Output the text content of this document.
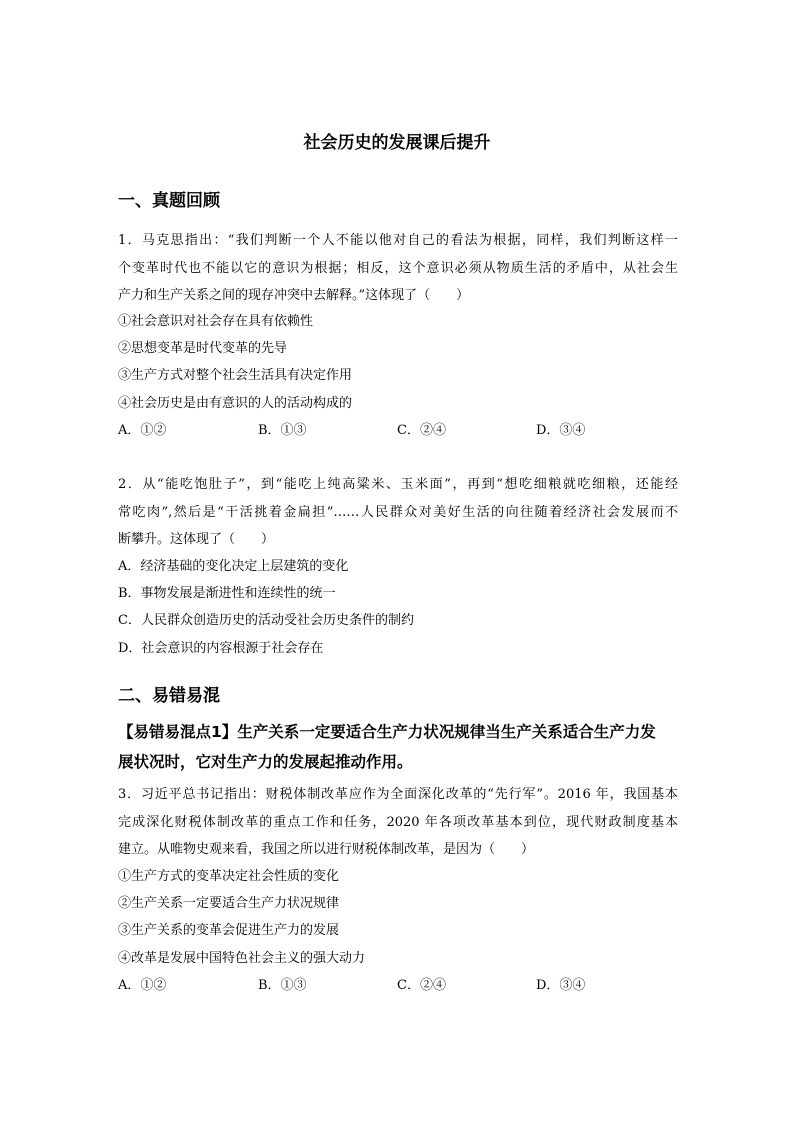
社会历史的发展课后提升
一、真题回顾
1．马克思指出：“我们判断一个人不能以他对自己的看法为根据，同样，我们判断这样一
个变革时代也不能以它的意识为根据；相反，这个意识必须从物质生活的矛盾中，从社会生
产力和生产关系之间的现存冲突中去解释。”这体现了（　　）
①社会意识对社会存在具有依赖性
②思想变革是时代变革的先导
③生产方式对整个社会生活具有决定作用
④社会历史是由有意识的人的活动构成的
A．①②	B．①③	C．②④	D．③④
2．从“能吃饱肚子”，到“能吃上纯高粱米、玉米面”，再到“想吃细粮就吃细粮，还能经
常吃肉”,然后是“干活挑着金扁担”……人民群众对美好生活的向往随着经济社会发展而不
断攀升。这体现了（　　）
A．经济基础的变化决定上层建筑的变化
B．事物发展是渐进性和连续性的统一
C．人民群众创造历史的活动受社会历史条件的制约
D．社会意识的内容根源于社会存在
二、易错易混
【易错易混点1】生产关系一定要适合生产力状况规律当生产关系适合生产力发
展状况时，它对生产力的发展起推动作用。
3．习近平总书记指出：财税体制改革应作为全面深化改革的“先行军”。2016 年，我国基本
完成深化财税体制改革的重点工作和任务，2020 年各项改革基本到位，现代财政制度基本
建立。从唯物史观来看，我国之所以进行财税体制改革，是因为（　　）
①生产方式的变革决定社会性质的变化
②生产关系一定要适合生产力状况规律
③生产关系的变革会促进生产力的发展
④改革是发展中国特色社会主义的强大动力
A．①②	B．①③	C．②④	D．③④
